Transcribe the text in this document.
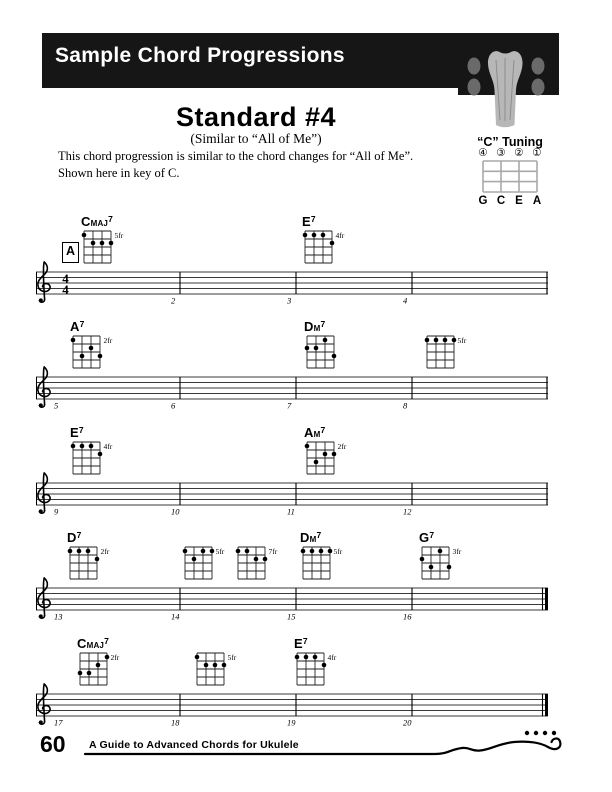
Sample Chord Progressions
“C” Tuning
④ ③ ② ①
G C E A
Standard #4
(Similar to “All of Me”)
This chord progression is similar to the chord changes for “All of Me”.
Shown here in key of C.
4
4
2	3	4
A
CMAJ$^7$
5fr
$E^7$
4fr
5	6	7	8
$A^7$
2fr
$DM^7$
5fr
9	10	11	12
$E^7$
4fr
$AM^7$
2fr
13	14	15	16
$D^7$
2fr	5fr	7fr
$DM^7$
5fr
$G^7$
3fr
17	18	19	20
CMAJ$^7$
2fr	5fr
$E^7$
4fr
60 A Guide to Advanced Chords for Ukulele
